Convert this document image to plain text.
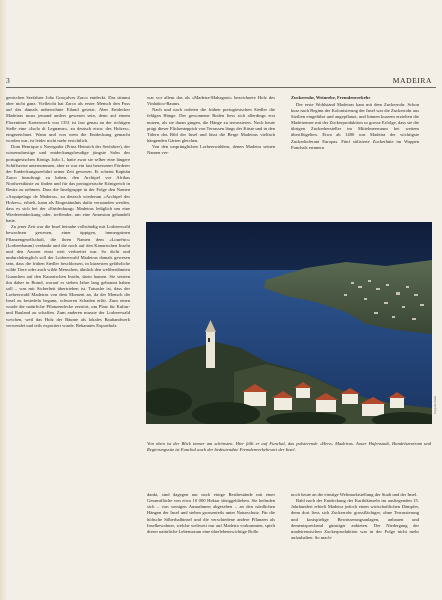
3	MADEIRA

genischen Seefahrer João Gonçalves Zarco entdeckt. Das stimmt aber nicht ganz. Vielleicht hat Zarco als erster Mensch den Fuss auf das damals unbewohnte Eiland gesetzt. Aber Entdecker Madeiras muss jemand anders gewesen sein, denn auf einem Florentiner Kartenwerk von 1351 ist fast genau an der richtigen Stelle eine «Isola di Legname», zu deutsch etwa: des Holzes», eingezeichnet. Wann und von wem die Entdeckung gemacht worden war, ist leider nicht mehr ersichtlich.

Dom Henrique o Navegador (Prinz Heinrich der Seefahrer), der wissensdurstige und entdeckungsfreudige jüngste Sohn des portugiesischen Königs João I., hatte zwar sie selber eine längere Schiffsreise unternommen, aber er war ein fast besessener Förderer der Entdeckungsseefahrt seiner Zeit gewesen. Er scheint Kapitän Zarco beauftragt zu haben, den Archipel vor Afrikas Nordwestküste zu finden und für das portugiesische Königreich in Besitz zu nehmen. Dass die Inselgruppe in der Folge den Namen «Arquipelago de Madeira», zu deutsch wiederum «Archipel des Holzes», erhielt, kann als Eingeständnis dafür verstanden werden, dass es sich bei der «Entdeckung» Madeiras lediglich um eine Wiederentdeckung oder, treffender, um eine Annexion gehandelt hatte.

Zu jener Zeit war die Insel beinahe vollständig mit Lorbeerwald bewachsen gewesen, einer üppigen, immergrünen Pflanzengesellschaft, die ihren Namen dem «Louréiro» (Lorbeerbaum) verdankt und die noch auf den Kanarischen Inseln und den Azoren einst weit verbreitet war. So dicht und undurchdringlich soll der Lorbeerwald Madeiras damals gewesen sein, dass die frühen Siedler beschlossen, in kürzesten gefährliche wilde Tiere oder auch wilde Menschen, ähnlich den weltberühmten Guanchen auf den Kanarischen Inseln, darin hausen. Sie setzten ihn daher in Brand, worauf er sieben Jahre lang gebrannt haben soll – was mit Sicherheit übertrieben ist. Tatsache ist, dass der Lorbeerwald Madeiras von dem Moment an, da der Mensch die Insel zu besiedeln begann, schweren Schaden erlitt. Zum einen wurde die natürliche Pflanzendecke zerstört, um Platz für Kultur- und Bauland zu schaffen. Zum anderen musste der Lorbeerwald weichen, weil das Holz der Bäume als lokales Bauhandwerk verwendet und teils exportiert wurde. Bekanntes Exportholz

war vor allem das als «Madeira-Mahagoni» bezeichnete Holz des Vinhático-Baums.

Nach und nach rodeten die frühen portugiesischen Siedler die fehlgen Hänge. Der gewonnene Boden liess sich allerdings erst nutzen, als sie daran gingen, die Hänge zu terrassieren. Noch heute prägt dieser Flickenteppich von Terrassen längs der Küste und in den Tälern das Bild der Insel und lässt die Berge Madeiras vielfach hängenden Gärten gleichen.

Von den ursprünglichen Lorbeerwäldern, denen Madeira seinen Namen ver-

Zuckerrohr, Weinrebe, Fremdenverkehr

Der erste Wohlstand Madeiras kam mit dem Zuckerrohr. Schon kurz nach Beginn der Kolonisierung der Insel war die Zuckerrohr aus Sizilien eingeführt und angepflanzt, und binnen kurzem erzielten die Madeirenser mit der Zuckerproduktion so grosse Erfolge, dass sie die übrigen Zuckerhersteller im Mittelmeerraum bei weitem übertflügelten. Etwa ab 1480 war Madeira der wichtigste Zuckerlieferant Europas. Fünf stilisierte Zuckerhüte im Wappen Funchals erinnern

Fotografie Bühler
Von oben ist der Blick immer am schönsten. Hier fällt er auf Funchal, das pulsierende «Herz» Madeiras. Auser Hafenstadt, Handelszentrum und Regierungssitz ist Funchal auch der bedeutendste Fremdenverkehrsort der Insel.

dankt, sind dagegen nur noch einige Restbestände mit einer Gesamtfläche von etwa 10 000 Hektar übriggeblieben. Sie befinden sich – von wenigen Ausnahmen abgesehen – an den nördlichen Hängen der Insel und stehen grossenteils unter Naturschutz. Für die höhsche Silberhalbinsel und die verschiedene andere Pflanzen als Inselbewohner, welche weltweit nur auf Madeira vorkommen, spielt dieser natürliche Lebensraum eine überlebenswichtige Rolle.

noch heute an die einstige Weltmarktstellung der Stadt und der Insel.

Bald nach der Entdeckung der Karibikinseln im ausliegenden 15. Jahrhundert erhielt Madeira jedoch einen wirtschaftlichen Dämpfer, denn dort liess sich Zuckerrohr grossflächiger, ohne Terrassierung und kostspielige Bewässerungsanlagen, anbauen und dementsprechend günstiger anbieten. Der Niedergang der madeirensischen Zuckerproduktion war in der Folge nicht mehr aufzuhalten. So mach-
